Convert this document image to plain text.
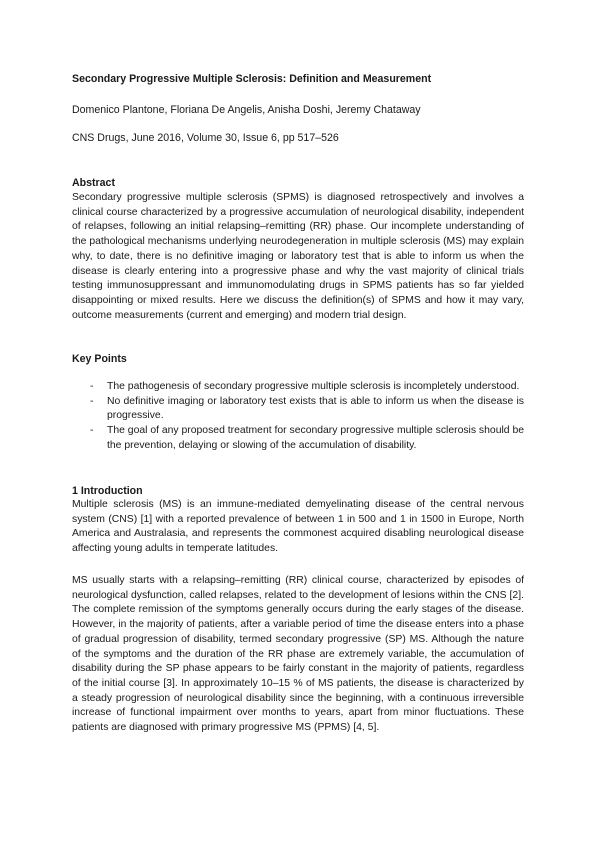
Secondary Progressive Multiple Sclerosis: Definition and Measurement
Domenico Plantone, Floriana De Angelis, Anisha Doshi, Jeremy Chataway
CNS Drugs, June 2016, Volume 30, Issue 6, pp 517–526
Abstract

Secondary progressive multiple sclerosis (SPMS) is diagnosed retrospectively and involves a clinical course characterized by a progressive accumulation of neurological disability, independent of relapses, following an initial relapsing–remitting (RR) phase. Our incomplete understanding of the pathological mechanisms underlying neurodegeneration in multiple sclerosis (MS) may explain why, to date, there is no definitive imaging or laboratory test that is able to inform us when the disease is clearly entering into a progressive phase and why the vast majority of clinical trials testing immunosuppressant and immunomodulating drugs in SPMS patients has so far yielded disappointing or mixed results. Here we discuss the definition(s) of SPMS and how it may vary, outcome measurements (current and emerging) and modern trial design.

Key Points
- The pathogenesis of secondary progressive multiple sclerosis is incompletely understood.
- No definitive imaging or laboratory test exists that is able to inform us when the disease is progressive.
- The goal of any proposed treatment for secondary progressive multiple sclerosis should be the prevention, delaying or slowing of the accumulation of disability.
1 Introduction

Multiple sclerosis (MS) is an immune-mediated demyelinating disease of the central nervous system (CNS) [1] with a reported prevalence of between 1 in 500 and 1 in 1500 in Europe, North America and Australasia, and represents the commonest acquired disabling neurological disease affecting young adults in temperate latitudes.

MS usually starts with a relapsing–remitting (RR) clinical course, characterized by episodes of neurological dysfunction, called relapses, related to the development of lesions within the CNS [2]. The complete remission of the symptoms generally occurs during the early stages of the disease. However, in the majority of patients, after a variable period of time the disease enters into a phase of gradual progression of disability, termed secondary progressive (SP) MS. Although the nature of the symptoms and the duration of the RR phase are extremely variable, the accumulation of disability during the SP phase appears to be fairly constant in the majority of patients, regardless of the initial course [3]. In approximately 10–15 % of MS patients, the disease is characterized by a steady progression of neurological disability since the beginning, with a continuous irreversible increase of functional impairment over months to years, apart from minor fluctuations. These patients are diagnosed with primary progressive MS (PPMS) [4, 5].
